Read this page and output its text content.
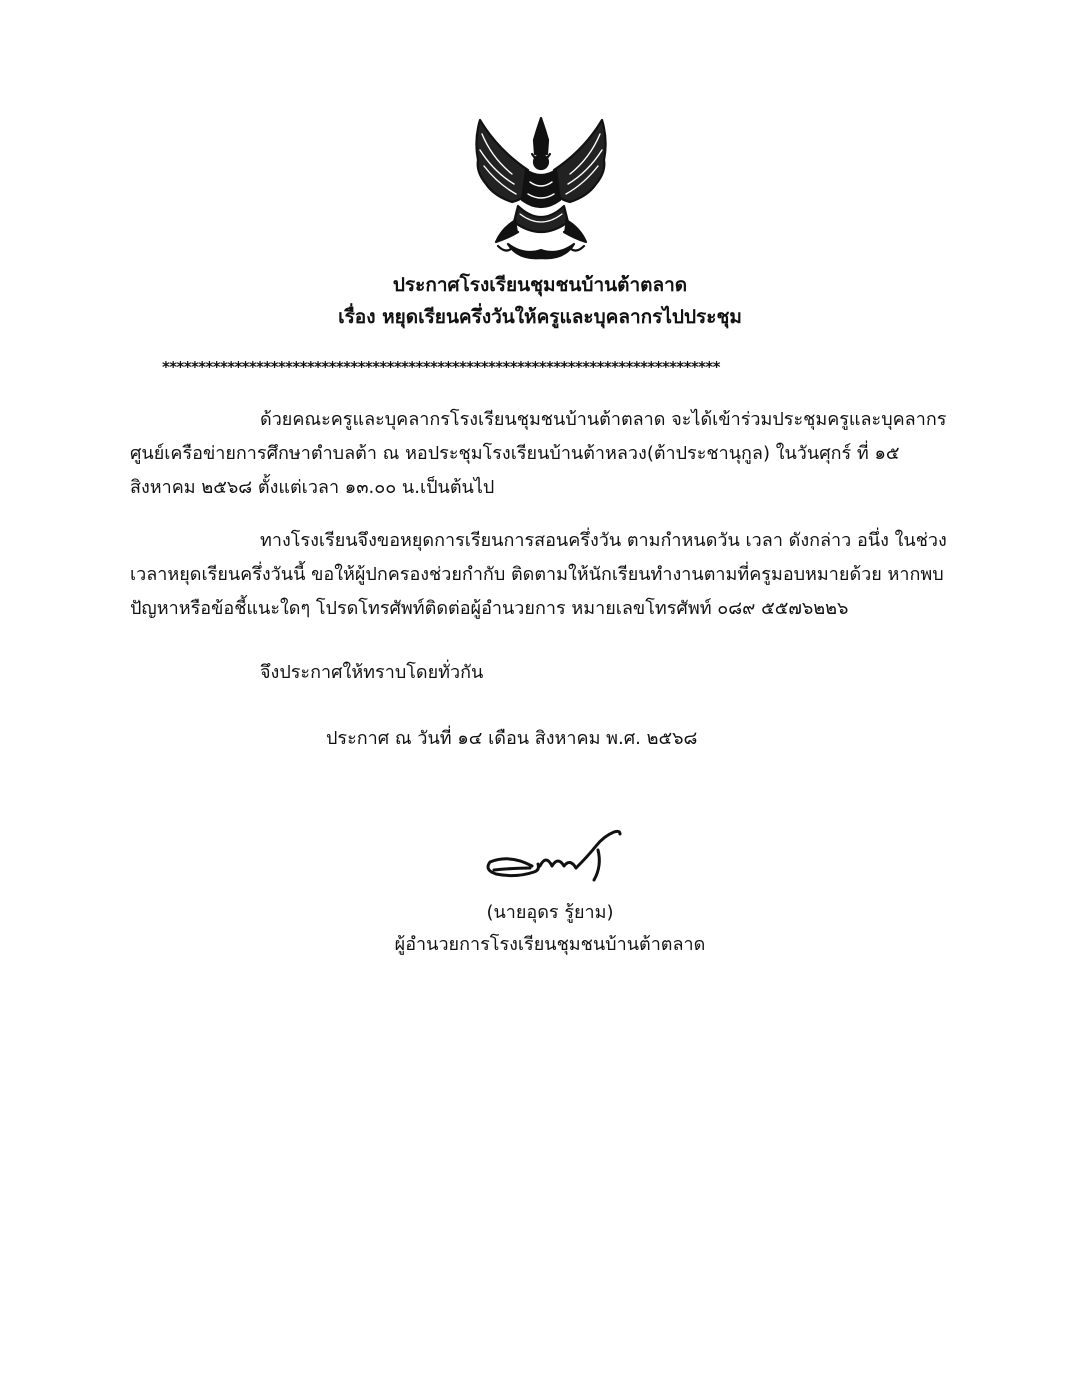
ประกาศโรงเรียนชุมชนบ้านต้าตลาด
เรื่อง หยุดเรียนครึ่งวันให้ครูและบุคลากรไปประชุม
*****************************************************************************
ด้วยคณะครูและบุคลากรโรงเรียนชุมชนบ้านต้าตลาด จะได้เข้าร่วมประชุมครูและบุคลากร
ศูนย์เครือข่ายการศึกษาตำบลต้า ณ หอประชุมโรงเรียนบ้านต้าหลวง(ต้าประชานุกูล) ในวันศุกร์ ที่ ๑๕
สิงหาคม ๒๕๖๘ ตั้งแต่เวลา ๑๓.๐๐ น.เป็นต้นไป
ทางโรงเรียนจึงขอหยุดการเรียนการสอนครึ่งวัน ตามกำหนดวัน เวลา ดังกล่าว อนึ่ง ในช่วง
เวลาหยุดเรียนครึ่งวันนี้ ขอให้ผู้ปกครองช่วยกำกับ ติดตามให้นักเรียนทำงานตามที่ครูมอบหมายด้วย หากพบ
ปัญหาหรือข้อชี้แนะใดๆ โปรดโทรศัพท์ติดต่อผู้อำนวยการ หมายเลขโทรศัพท์ ๐๘๙ ๕๕๗๖๒๒๖
จึงประกาศให้ทราบโดยทั่วกัน
ประกาศ ณ วันที่ ๑๔ เดือน สิงหาคม พ.ศ. ๒๕๖๘
(นายอุดร รู้ยาม)
ผู้อำนวยการโรงเรียนชุมชนบ้านต้าตลาด
